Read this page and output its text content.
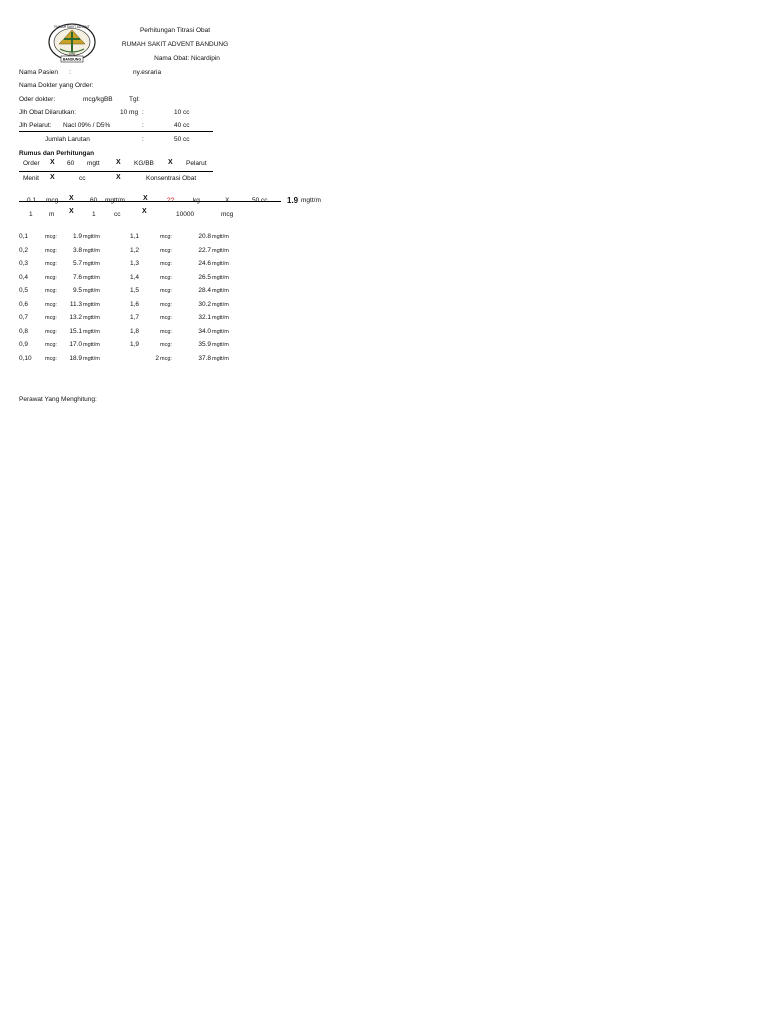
RUMAH SAKIT ADVENT
BANDUNG
1950
Perhitungan Titrasi Obat
RUMAH SAKIT ADVENT BANDUNG
Nama Obat: Nicardipin
Nama Pasien :	ny.esraria
Nama Dokter yang Order:
Oder dokter:	mcg/kgBB	Tgl:
Jlh Obat Dilarutkan:	10 mg :	10 cc
Jlh Pelarut: Nacl 09% / D5%	:	40 cc
Jumlah Larutan	:	50 cc
Rumus dan Perhitungan
Order X 60 mgtt X KG/BB X Pelarut
Menit X	cc	X	Konsentrasi Obat
0.1 mcg X	60 mgtt/m	X	??	kg	X	50 cc 1.9 mgtt/m
1	m X	1	cc	X	10000	mcg
0,1	mcg: 1.9 mgtt/m	1,1	mcg:	20.8 mgtt/m
0,2	mcg: 3.8 mgtt/m	1,2	mcg:	22.7 mgtt/m
0,3	mcg: 5.7 mgtt/m	1,3	mcg:	24.6 mgtt/m
0,4	mcg: 7.6 mgtt/m	1,4	mcg:	26.5 mgtt/m
0,5	mcg: 9.5 mgtt/m	1,5	mcg:	28.4 mgtt/m
0,6	mcg: 11.3 mgtt/m	1,6	mcg:	30.2 mgtt/m
0,7	mcg: 13.2 mgtt/m	1,7	mcg:	32.1 mgtt/m
0,8	mcg: 15.1 mgtt/m	1,8	mcg:	34.0 mgtt/m
0,9	mcg: 17.0 mgtt/m	1,9	mcg:	35.9 mgtt/m
0,10 mcg: 18.9 mgtt/m	2 mcg:	37.8 mgtt/m
Perawat Yang Menghitung:
